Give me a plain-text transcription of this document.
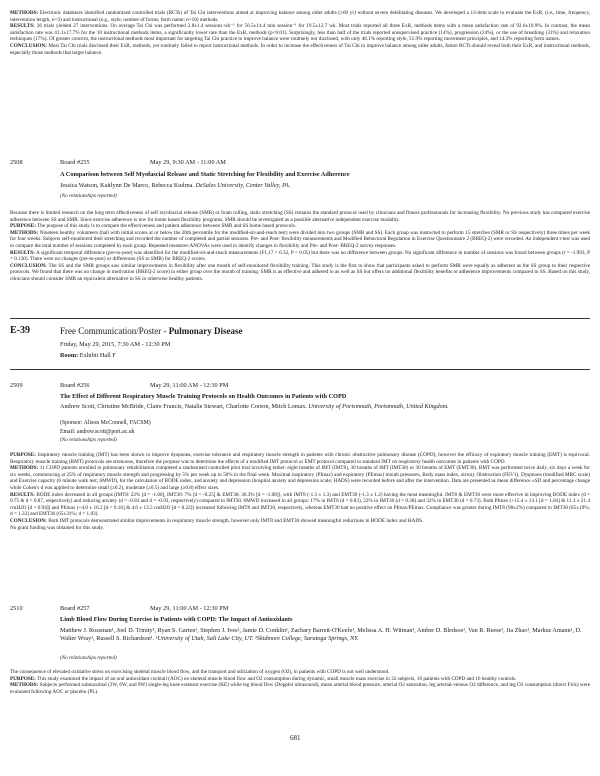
METHODS: Electronic databases identified randomized controlled trials (RCTs) of Tai Chi interventions aimed at improving balance among older adults (≥60 yr) without severe debilitating diseases. We developed a 13-item scale to evaluate the ExR, (i.e., time, frequency, intervention length, n=3) and instructional (e.g., style, number of forms, form name; n=10) methods.

RESULTS: 26 trials yielded 27 interventions. On average Tai Chi was performed 2.8±1.4 sessions·wk⁻¹ for 56.5±14.4 min session⁻¹ for 19.5±12.7 wk. Most trials reported all three ExR, methods items with a mean satisfaction rate of 92.6±10.9%. In contrast, the mean satisfaction rate was 41.1±17.7% for the 10 instructional methods items, a significantly lower rate than the ExR, methods (p<0.01). Surprisingly, less than half of the trials reported unsupervised practice (14%), progression (24%), or the use of breathing (31%) and relaxation techniques (17%). Of greater concern, the instructional methods most important for targeting Tai Chi practice to improve balance were routinely not disclosed, with only 48.1% reporting style, 51.9% reporting movement principles, and 14.3% reporting form names.

CONCLUSION: Most Tai Chi trials disclosed their ExR, methods, yet routinely failed to report instructional methods. In order to increase the effectiveness of Tai Chi to improve balance among older adults, future RCTs should reveal both their ExR, and instructional methods, especially those methods that target balance.

2508	Board #255	May 29, 9:30 AM - 11:00 AM
A Comparison between Self Myofascial Release and Static Stretching for Flexibility and Exercise Adherence
Jessica Watson, Kaitlynn De Marco, Rebecca Kudrna. DeSales University, Center Valley, PA.
(No relationships reported)

Because there is limited research on the long term effectiveness of self myofascial release (SMR) or foam rolling, static stretching (SS) remains the standard protocol used by clinicians and fitness professionals for increasing flexibility. No previous study has compared exercise adherence between SS and SMR. Since exercise adherence is low for home based flexibility programs, SMR should be investigated as a possible alternative independent exercise modality.

PURPOSE: The purpose of this study is to compare the effectiveness and patient adherence between SMR and SS home based protocols.

METHODS: Nineteen healthy volunteers (hall with initial scores at or below the 20th percentile for the modified-sit-and-reach test) were divided into two groups (SMR and SS). Each group was instructed to perform 15 stretches (SMR or SS respectively) three times per week for four weeks. Subjects self-monitored their stretching and recorded the number of completed and partial sessions. Pre- and Post- flexibility measurements and Modified Behavioral Regulation in Exercise Questionnaire 2 (BREQ-2) were recorded. An independent t-test was used to compare the total number of sessions completed by each group. Repeated measures ANOVAs were used to identify changes in flexibility and Pre- and Post- BREQ-2 survey responses.

RESULTS: A significant temporal difference (pre-to-post) was identified for the modified-sit-and-reach measurements (F1,17 = 6.32, P < 0.05) but there was no difference between groups. No significant difference in number of sessions was found between groups (t = -1.993, P = 0.130). There were no changes (pre-to-post) or differences (SS to SMR) for BREQ-2 scores.

CONCLUSION: The SS and the SMR groups saw similar improvements in flexibility after one month of self-monitored flexibility training. This study is the first to show that participants asked to perform SMR were equally as adherent as the SS group to their respective protocols. We found that there was no change in motivation (BREQ-2 score) in either group over the month of training. SMR is as effective and adhered to as well as SS but offers no additional flexibility benefits or adherence improvements compared to SS. Based on this study, clinicians should consider SMR an equivalent alternative to SS in otherwise healthy patients.

E-39	Free Communication/Poster - Pulmonary Disease
Friday, May 29, 2015, 7:30 AM - 12:30 PM
Room: Exhibit Hall F
2509	Board #256	May 29, 11:00 AM - 12:30 PM
The Effect of Different Respiratory Muscle Training Protocols on Health Outcomes in Patients with COPD
Andrew Scott, Christine McBride, Claire Francis, Natalie Stewart, Charlotte Corson, Mitch Lomax. University of Portsmouth, Portsmouth, United Kingdom.
(Sponsor: Alison McConnell, FACSM)
Email: andrew.scott@port.ac.uk
(No relationships reported)

PURPOSE: Inspiratory muscle training (IMT) has been shown to improve dyspnoea, exercise tolerance and respiratory muscle strength in patients with chronic obstructive pulmonary disease (COPD), however the efficacy of expiratory muscle training (EMT) is equivocal. Respiratory muscle training (RMT) protocols are strenuous, therefore the purpose was to determine the effects of a modified IMT protocol or EMT protocol compared to standard IMT on respiratory health outcomes in patients with COPD.

METHODS: 11 COPD patients enrolled in pulmonary rehabilitation completed a randomised controlled pilot trial involving either: eight breaths of IMT (IMT8), 30 breaths of IMT (IMT30) or 30 breaths of EMT (EMT30). RMT was performed twice daily, six days a week for six weeks, commencing at 25% of respiratory muscle strength and progressing by 5% per week up to 50% in the final week. Maximal inspiratory (PImax) and expiratory (PEmax) mouth pressures, Body mass index, airway Obstruction (FEV1), Dyspnoea (modified MRC scale) and Exercise capacity (6 minute walk test; 6MWD), for the calculation of BODE index, and anxiety and depression (hospital anxiety and depression scale; HADS) were recorded before and after the intervention. Data are presented as mean difference ±SD and percentage change while Cohen's d was applied to determine small (≥0.2), moderate (≥0.5) and large (≥0.8) effect sizes.

RESULTS: BODE index decreased in all groups (IMT8: 22% [d = -1.00], IMT30: 7% [d = -0.25] & EMT30: 36.3% [d = -1.08]), with IMT8 (-1.3 ± 1.3) and EMT30 (-1.3 ± 1.2) having the most meaningful. IMT8 & EMT30 were more effective in improving BODE index (d = 0.75 & d = 0.87, respectively) and reducing anxiety (d = -0.83 and d = -0.93, respectively) compared to IMT30. 6MWD increased in all groups: 17% in IMT8 (d = 0.83), 22% in IMT30 (d = 0.38) and 32% in EMT30 (d = 0.73). Both PImax (+15.4 ± 13.1 [d = 1.04] & 11.3 ± 21.4 cmH2O [d = 0.94]) and PEmax (+4.0 ± 16.2 [d = 0.16] & 4.0 ± 13.5 cmH2O [d = 0.22]) increased following IMT8 and IMT30, respectively, whereas EMT30 had no positive effect on PImax/PEmax. Compliance was greater during IMT8 (98±2%) compared to IMT30 (85±19%; d = 1.33) and EMT30 (65±31%; d = 1.83).

CONCLUSION: Both IMT protocols demonstrated similar improvements in respiratory muscle strength, however only IMT8 and EMT30 showed meaningful reductions in BODE index and HADS.

No grant funding was obtained for this study.

2510	Board #257	May 29, 11:00 AM - 12:30 PM
Limb Blood Flow During Exercise in Patients with COPD: The Impact of Antioxidants
Matthew J. Rossman¹, Joel D. Trinity¹, Ryan S. Garten¹, Stephen J. Ives², Jamie D. Conklin¹, Zachary Barrett-O'Keefe¹, Melissa A. H. Witman¹, Amber D. Bledsoe¹, Van R. Reese¹, Jia Zhao¹, Markus Amann¹, D. Walter Wray¹, Russell S. Richardson¹. ¹University of Utah, Salt Lake City, UT. ²Skidmore College, Saratoga Springs, NY.
(No relationships reported)

The consequence of elevated oxidative stress on exercising skeletal muscle blood flow, and the transport and utilization of oxygen (O2), in patients with COPD is not well understood.

PURPOSE: This study examined the impact of an oral antioxidant cocktail (AOC) on skeletal muscle blood flow and O2 consumption during dynamic, small muscle mass exercise in 32 subjects, 16 patients with COPD and 16 healthy controls.

METHODS: Subjects performed submaximal (3W, 6W, and 9W) single-leg knee extensor exercise (KE) while leg blood flow (Doppler ultrasound), mean arterial blood pressure, arterial O2 saturation, leg arterial-venous O2 difference, and leg O2 consumption (direct Fick) were evaluated following AOC or placebo (PL).

681
